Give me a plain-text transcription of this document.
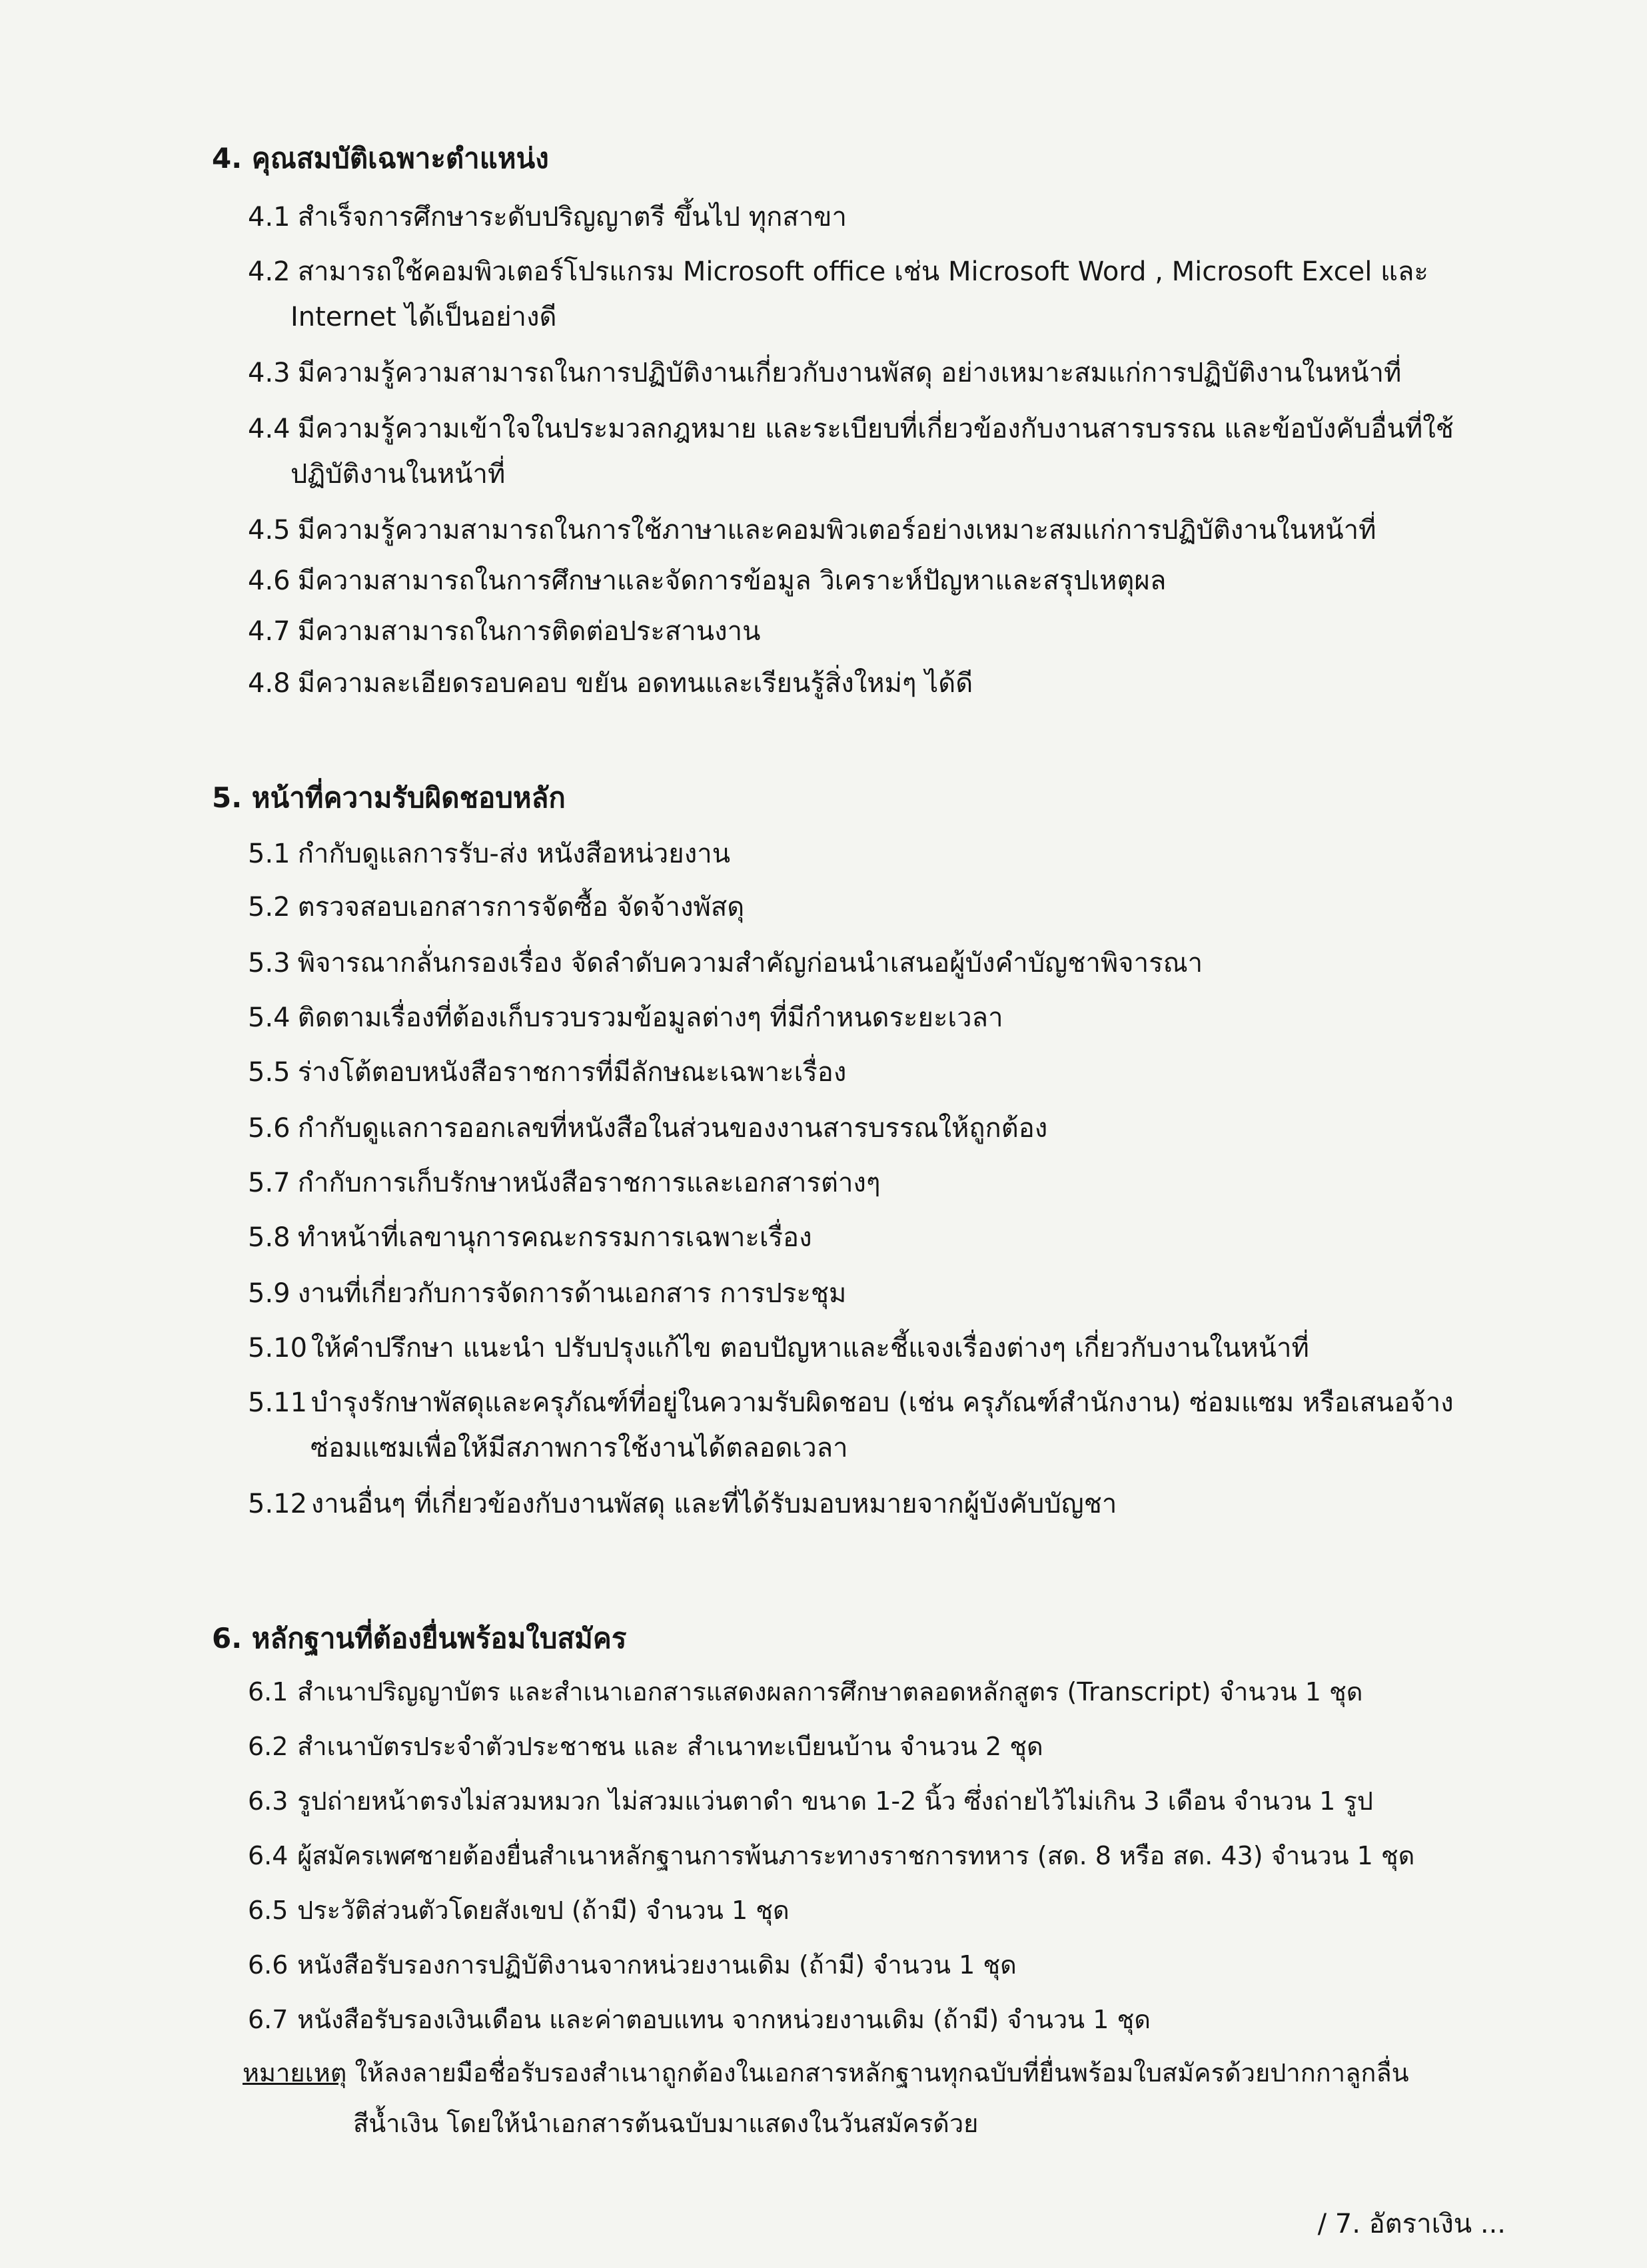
4. คุณสมบัติเฉพาะตำแหน่ง
4.1 สำเร็จการศึกษาระดับปริญญาตรี ขึ้นไป ทุกสาขา
4.2 สามารถใช้คอมพิวเตอร์โปรแกรม Microsoft office เช่น Microsoft Word , Microsoft Excel และ
Internet ได้เป็นอย่างดี
4.3 มีความรู้ความสามารถในการปฏิบัติงานเกี่ยวกับงานพัสดุ อย่างเหมาะสมแก่การปฏิบัติงานในหน้าที่
4.4 มีความรู้ความเข้าใจในประมวลกฎหมาย และระเบียบที่เกี่ยวข้องกับงานสารบรรณ และข้อบังคับอื่นที่ใช้
ปฏิบัติงานในหน้าที่
4.5 มีความรู้ความสามารถในการใช้ภาษาและคอมพิวเตอร์อย่างเหมาะสมแก่การปฏิบัติงานในหน้าที่
4.6 มีความสามารถในการศึกษาและจัดการข้อมูล วิเคราะห์ปัญหาและสรุปเหตุผล
4.7 มีความสามารถในการติดต่อประสานงาน
4.8 มีความละเอียดรอบคอบ ขยัน อดทนและเรียนรู้สิ่งใหม่ๆ ได้ดี
5. หน้าที่ความรับผิดชอบหลัก
5.1 กำกับดูแลการรับ-ส่ง หนังสือหน่วยงาน
5.2 ตรวจสอบเอกสารการจัดซื้อ จัดจ้างพัสดุ
5.3 พิจารณากลั่นกรองเรื่อง จัดลำดับความสำคัญก่อนนำเสนอผู้บังคำบัญชาพิจารณา
5.4 ติดตามเรื่องที่ต้องเก็บรวบรวมข้อมูลต่างๆ ที่มีกำหนดระยะเวลา
5.5 ร่างโต้ตอบหนังสือราชการที่มีลักษณะเฉพาะเรื่อง
5.6 กำกับดูแลการออกเลขที่หนังสือในส่วนของงานสารบรรณให้ถูกต้อง
5.7 กำกับการเก็บรักษาหนังสือราชการและเอกสารต่างๆ
5.8 ทำหน้าที่เลขานุการคณะกรรมการเฉพาะเรื่อง
5.9 งานที่เกี่ยวกับการจัดการด้านเอกสาร การประชุม
5.10 ให้คำปรึกษา แนะนำ ปรับปรุงแก้ไข ตอบปัญหาและชี้แจงเรื่องต่างๆ เกี่ยวกับงานในหน้าที่
5.11 บำรุงรักษาพัสดุและครุภัณฑ์ที่อยู่ในความรับผิดชอบ (เช่น ครุภัณฑ์สำนักงาน) ซ่อมแซม หรือเสนอจ้าง
ซ่อมแซมเพื่อให้มีสภาพการใช้งานได้ตลอดเวลา
5.12 งานอื่นๆ ที่เกี่ยวข้องกับงานพัสดุ และที่ได้รับมอบหมายจากผู้บังคับบัญชา
6. หลักฐานที่ต้องยื่นพร้อมใบสมัคร
6.1 สำเนาปริญญาบัตร และสำเนาเอกสารแสดงผลการศึกษาตลอดหลักสูตร (Transcript) จำนวน 1 ชุด
6.2 สำเนาบัตรประจำตัวประชาชน และ สำเนาทะเบียนบ้าน จำนวน 2 ชุด
6.3 รูปถ่ายหน้าตรงไม่สวมหมวก ไม่สวมแว่นตาดำ ขนาด 1-2 นิ้ว ซึ่งถ่ายไว้ไม่เกิน 3 เดือน จำนวน 1 รูป
6.4 ผู้สมัครเพศชายต้องยื่นสำเนาหลักฐานการพ้นภาระทางราชการทหาร (สด. 8 หรือ สด. 43) จำนวน 1 ชุด
6.5 ประวัติส่วนตัวโดยสังเขป (ถ้ามี) จำนวน 1 ชุด
6.6 หนังสือรับรองการปฏิบัติงานจากหน่วยงานเดิม (ถ้ามี) จำนวน 1 ชุด
6.7 หนังสือรับรองเงินเดือน และค่าตอบแทน จากหน่วยงานเดิม (ถ้ามี) จำนวน 1 ชุด
หมายเหตุ ให้ลงลายมือชื่อรับรองสำเนาถูกต้องในเอกสารหลักฐานทุกฉบับที่ยื่นพร้อมใบสมัครด้วยปากกาลูกลื่น
สีน้ำเงิน โดยให้นำเอกสารต้นฉบับมาแสดงในวันสมัครด้วย
/ 7. อัตราเงิน ...
